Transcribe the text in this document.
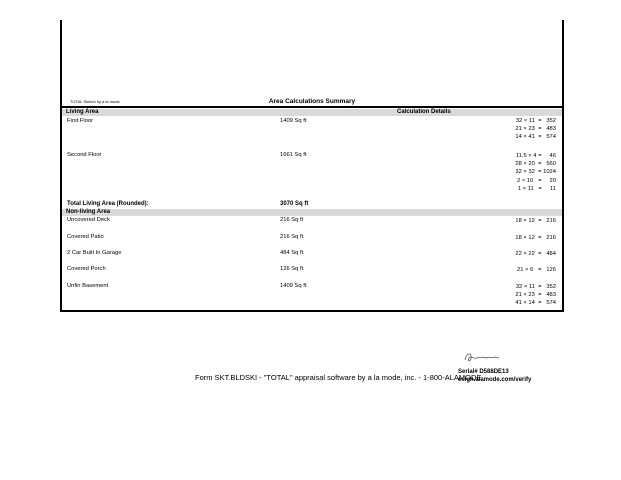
TOTAL Sketch by a la mode	Area Calculations Summary
Living Area	Calculation Details
First Floor	1409 Sq ft	32 × 11  =   352
21 × 23  =   483
14 × 41  =   574
Second Floor	1661 Sq ft	11.5 × 4 =     46
28 × 20  =   560
32 × 32  = 1024
2 × 10   =     20
1 × 11   =     11
Total Living Area (Rounded):	3070 Sq ft
Non-living Area
Uncovered Deck	216 Sq ft	18 × 12  =   216
Covered Patio	216 Sq ft	18 × 12  =   216
2 Car Built In Garage	484 Sq ft	22 × 22  =   484
Covered Porch	126 Sq ft	21 × 6   =   126
Unfin Basement	1409 Sq ft	32 × 11  =   352
21 × 23  =   483
41 × 14  =   574
Form SKT.BLDSKI - "TOTAL" appraisal software by a la mode, inc. - 1-800-ALAMODE
Serial# D588DE13
esign.alamode.com/verify
